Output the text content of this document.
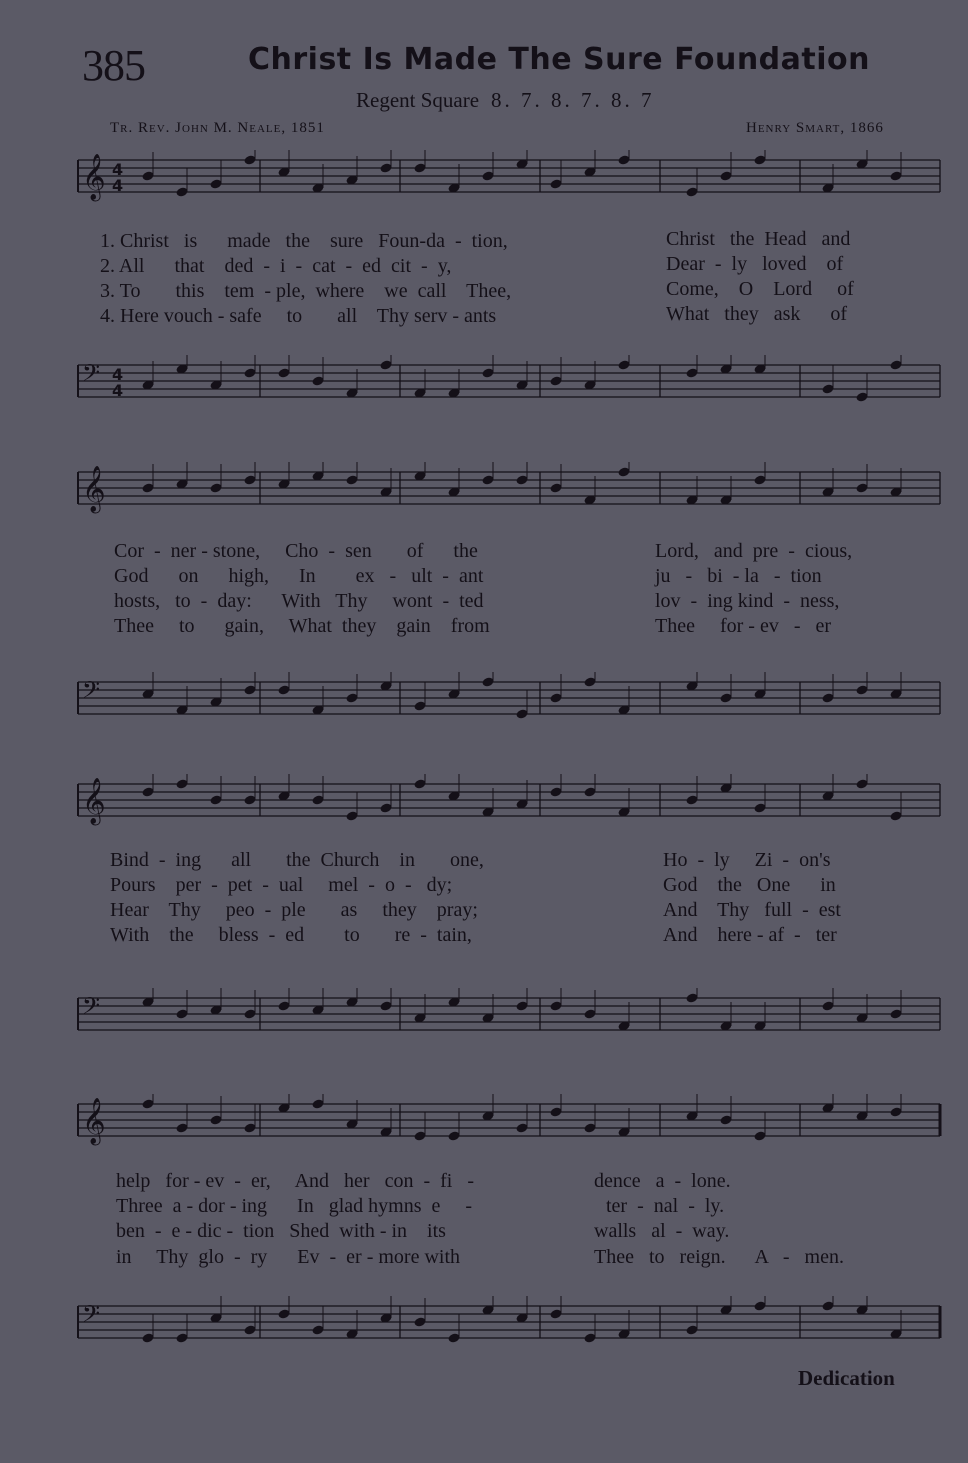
385	Christ Is Made The Sure Foundation
Regent Square 8. 7. 8. 7. 8. 7
Tr. Rev. John M. Neale, 1851	Henry Smart, 1866
𝄞 4
4
𝄢 4
4
𝄞
𝄢
𝄞
𝄢
𝄞
𝄢
1. Christ   is      made   the    sure   Foun-da  -  tion,
2. All      that    ded  -  i  -  cat  -  ed  cit  -  y,
3. To       this    tem  - ple,  where    we  call    Thee,
4. Here vouch - safe     to       all    Thy serv - ants
Christ   the  Head   and
Dear  -  ly   loved    of
Come,    O    Lord     of
What   they   ask      of
Cor  -  ner - stone,     Cho  -  sen       of      the
God      on      high,      In        ex   -   ult  -  ant
hosts,   to  -  day:      With   Thy     wont  -  ted
Thee     to      gain,     What  they    gain    from
Lord,   and  pre  -  cious,
ju   -   bi  - la   -  tion
lov  -  ing kind  -  ness,
Thee     for - ev   -   er
Bind  -  ing      all       the  Church    in       one,
Pours    per  -  pet  -  ual     mel  -  o  -   dy;
Hear    Thy     peo  -  ple       as     they    pray;
With    the     bless  -  ed        to       re  -  tain,
Ho  -  ly     Zi  -  on's
God    the   One      in
And    Thy   full  -  est
And    here - af  -   ter
help   for - ev  -  er,     And   her   con  -  fi   -
Three  a - dor - ing      In   glad hymns  e     -
ben  -  e - dic -  tion   Shed  with - in    its
in     Thy  glo  -  ry      Ev  -  er - more with
dence   a  -  lone.
ter  -  nal  -  ly.
walls   al  -  way.
Thee   to   reign.      A   -   men.
Dedication
